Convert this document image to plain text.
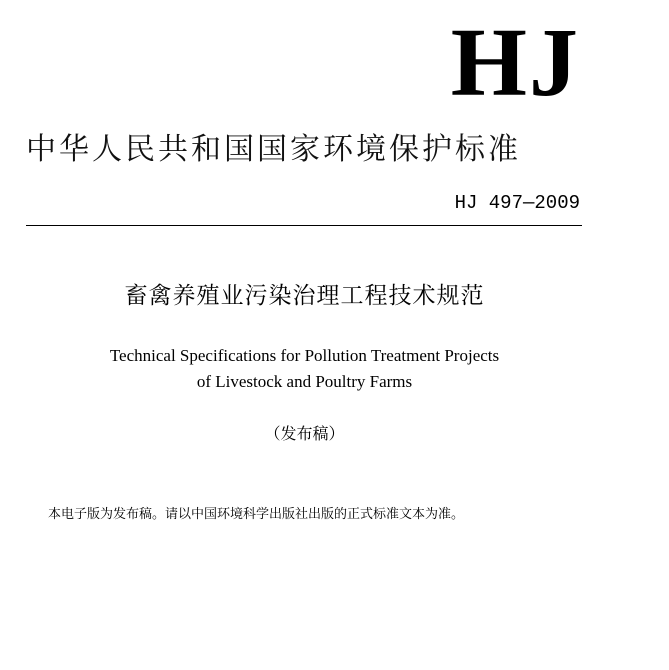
HJ
中华人民共和国国家环境保护标准
HJ 497—2009
畜禽养殖业污染治理工程技术规范
Technical Specifications for Pollution Treatment Projects
of Livestock and Poultry Farms
（发布稿）
本电子版为发布稿。请以中国环境科学出版社出版的正式标准文本为准。
